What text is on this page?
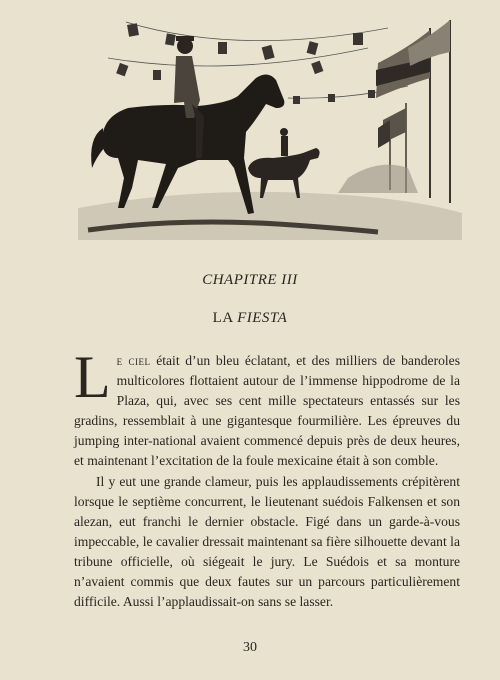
CHAPITRE III
LA FIESTA

Le ciel était d’un bleu éclatant, et des milliers de banderoles multicolores flottaient autour de l’immense hippodrome de la Plaza, qui, avec ses cent mille spectateurs entassés sur les gradins, ressemblait à une gigantesque fourmilière. Les épreuves du jumping inter-national avaient commencé depuis près de deux heures, et maintenant l’excitation de la foule mexicaine était à son comble.

Il y eut une grande clameur, puis les applaudissements crépitèrent lorsque le septième concurrent, le lieutenant suédois Falkensen et son alezan, eut franchi le dernier obstacle. Figé dans un garde-à-vous impeccable, le cavalier dressait maintenant sa fière silhouette devant la tribune officielle, où siégeait le jury. Le Suédois et sa monture n’avaient commis que deux fautes sur un parcours particulièrement difficile. Aussi l’applaudissait-on sans se lasser.

30
